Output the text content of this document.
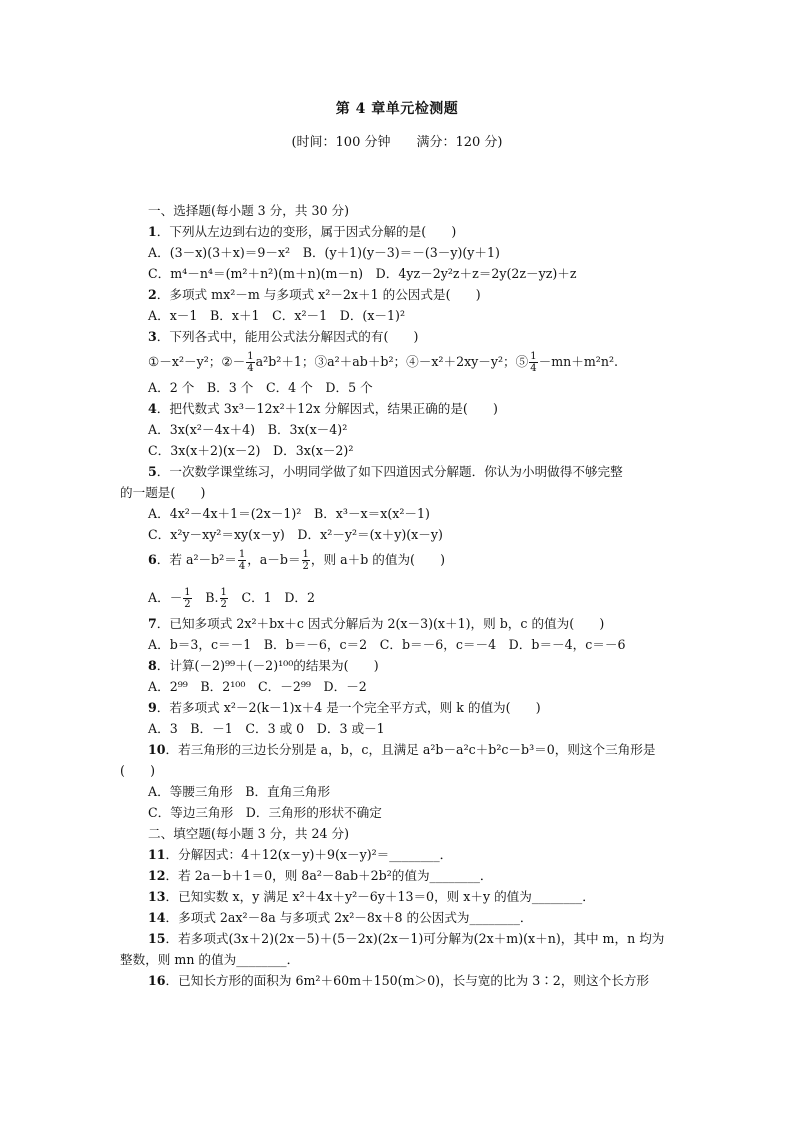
第 4 章单元检测题
(时间：100 分钟　　满分：120 分)
一、选择题(每小题 3 分，共 30 分)
1．下列从左边到右边的变形，属于因式分解的是(　　)
A．(3－x)(3＋x)＝9－x²　B．(y＋1)(y－3)＝－(3－y)(y＋1)
C．m⁴－n⁴＝(m²＋n²)(m＋n)(m－n)　D．4yz－2y²z＋z＝2y(2z－yz)＋z
2．多项式 mx²－m 与多项式 x²－2x＋1 的公因式是(　　)
A．x－1　B．x＋1　C．x²－1　D．(x－1)²
3．下列各式中，能用公式法分解因式的有(　　)
①－x²－y²；②－ $\frac{1}{4} a^2b^2+1$；③a²＋ab＋b²；④－x²＋2xy－y²；⑤ $\frac{1}{4} -mn+m^2n^2$.
A．2 个　B．3 个　C．4 个　D．5 个
4．把代数式 3x³－12x²＋12x 分解因式，结果正确的是(　　)
A．3x(x²－4x＋4)　B．3x(x－4)²
C．3x(x＋2)(x－2)　D．3x(x－2)²
5．一次数学课堂练习，小明同学做了如下四道因式分解题．你认为小明做得不够完整
的一题是(　　)
A．4x²－4x＋1＝(2x－1)²　B．x³－x＝x(x²－1)
C．x²y－xy²＝xy(x－y)　D．x²－y²＝(x＋y)(x－y)
6．若 $a^2-b^2= \frac{1}{4}$ ，$a-b= \frac{1}{2}$ ，则 a＋b 的值为(　　)
A．－ $\frac{1}{2}$ 　B. $\frac{1}{2}$ 　C．1　D．2
7．已知多项式 2x²＋bx＋c 因式分解后为 2(x－3)(x＋1)，则 b，c 的值为(　　)
A．b＝3，c＝－1　B．b＝－6，c＝2　C．b＝－6，c＝－4　D．b＝－4，c＝－6
8．计算(－2)⁹⁹＋(－2)¹⁰⁰的结果为(　　)
A．2⁹⁹　B．2¹⁰⁰　C．－2⁹⁹　D．－2
9．若多项式 x²－2(k－1)x＋4 是一个完全平方式，则 k 的值为(　　)
A．3　B．－1　C．3 或 0　D．3 或－1
10．若三角形的三边长分别是 a，b，c，且满足 a²b－a²c＋b²c－b³＝0，则这个三角形是
(　　)
A．等腰三角形　B．直角三角形
C．等边三角形　D．三角形的形状不确定
二、填空题(每小题 3 分，共 24 分)
11．分解因式：4＋12(x－y)＋9(x－y)²＝________．
12．若 2a－b＋1＝0，则 8a²－8ab＋2b²的值为________．
13．已知实数 x，y 满足 x²＋4x＋y²－6y＋13＝0，则 x＋y 的值为________．
14．多项式 2ax²－8a 与多项式 2x²－8x＋8 的公因式为________．
15．若多项式(3x＋2)(2x－5)＋(5－2x)(2x－1)可分解为(2x＋m)(x＋n)，其中 m，n 均为
整数，则 mn 的值为________．
16．已知长方形的面积为 6m²＋60m＋150(m＞0)，长与宽的比为 3∶2，则这个长方形
